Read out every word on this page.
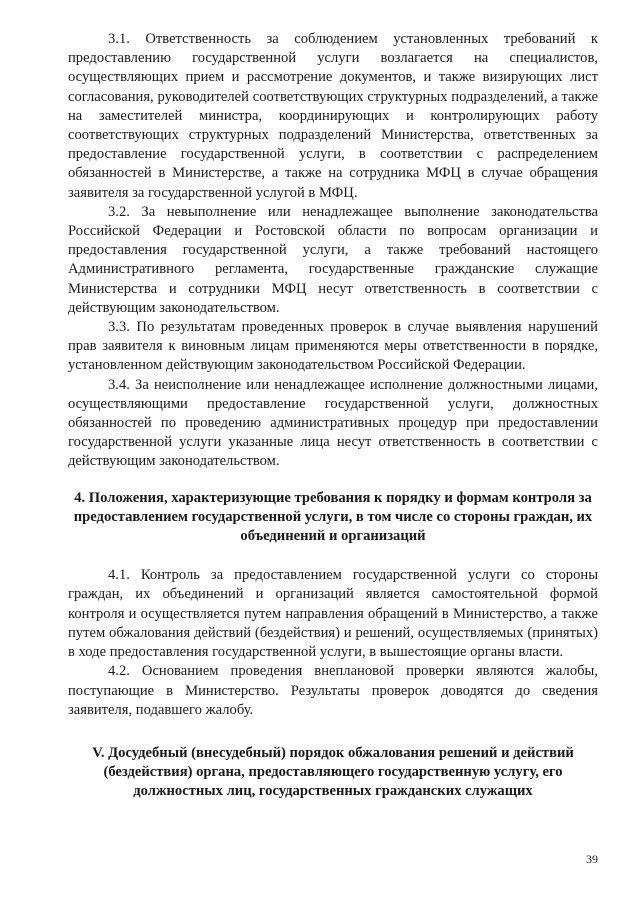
3.1. Ответственность за соблюдением установленных требований к предоставлению государственной услуги возлагается на специалистов, осуществляющих прием и рассмотрение документов, и также визирующих лист согласования, руководителей соответствующих структурных подразделений, а также на заместителей министра, координирующих и контролирующих работу соответствующих структурных подразделений Министерства, ответственных за предоставление государственной услуги, в соответствии с распределением обязанностей в Министерстве, а также на сотрудника МФЦ в случае обращения заявителя за государственной услугой в МФЦ.

3.2. За невыполнение или ненадлежащее выполнение законодательства Российской Федерации и Ростовской области по вопросам организации и предоставления государственной услуги, а также требований настоящего Административного регламента, государственные гражданские служащие Министерства и сотрудники МФЦ несут ответственность в соответствии с действующим законодательством.

3.3. По результатам проведенных проверок в случае выявления нарушений прав заявителя к виновным лицам применяются меры ответственности в порядке, установленном действующим законодательством Российской Федерации.

3.4. За неисполнение или ненадлежащее исполнение должностными лицами, осуществляющими предоставление государственной услуги, должностных обязанностей по проведению административных процедур при предоставлении государственной услуги указанные лица несут ответственность в соответствии с действующим законодательством.

4. Положения, характеризующие требования к порядку и формам контроля за предоставлением государственной услуги, в том числе со стороны граждан, их объединений и организаций

4.1. Контроль за предоставлением государственной услуги со стороны граждан, их объединений и организаций является самостоятельной формой контроля и осуществляется путем направления обращений в Министерство, а также путем обжалования действий (бездействия) и решений, осуществляемых (принятых) в ходе предоставления государственной услуги, в вышестоящие органы власти.

4.2. Основанием проведения внеплановой проверки являются жалобы, поступающие в Министерство. Результаты проверок доводятся до сведения заявителя, подавшего жалобу.

V. Досудебный (внесудебный) порядок обжалования решений и действий (бездействия) органа, предоставляющего государственную услугу, его должностных лиц, государственных гражданских служащих

39
